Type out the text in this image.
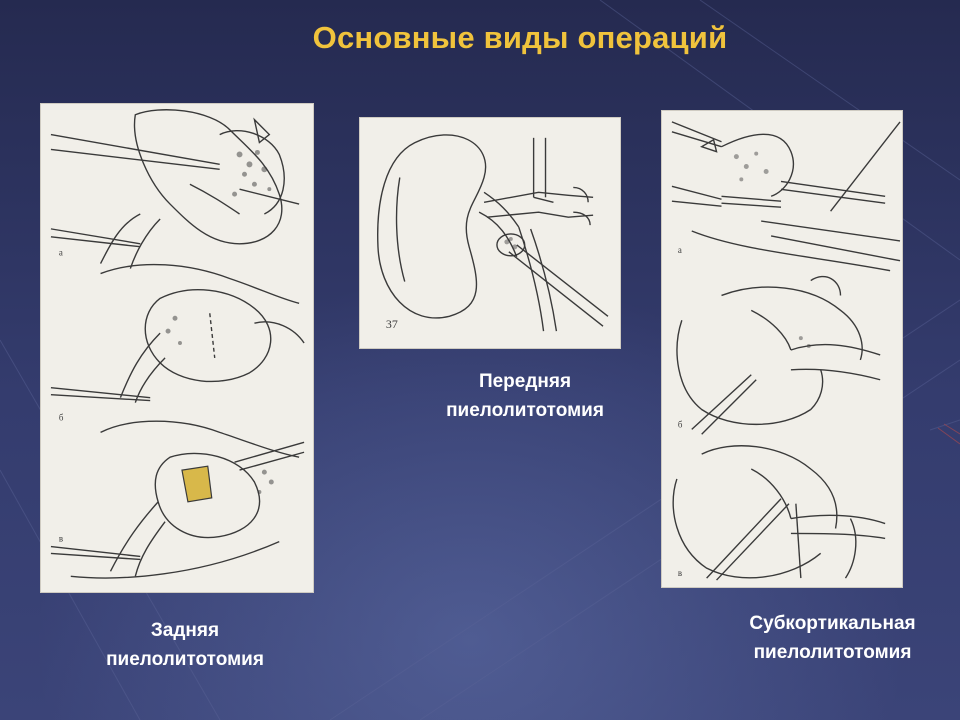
Основные виды операций
а
б
в
37
а
б
в
Передняя
пиелолитотомия
Задняя
пиелолитотомия
Субкортикальная
пиелолитотомия
